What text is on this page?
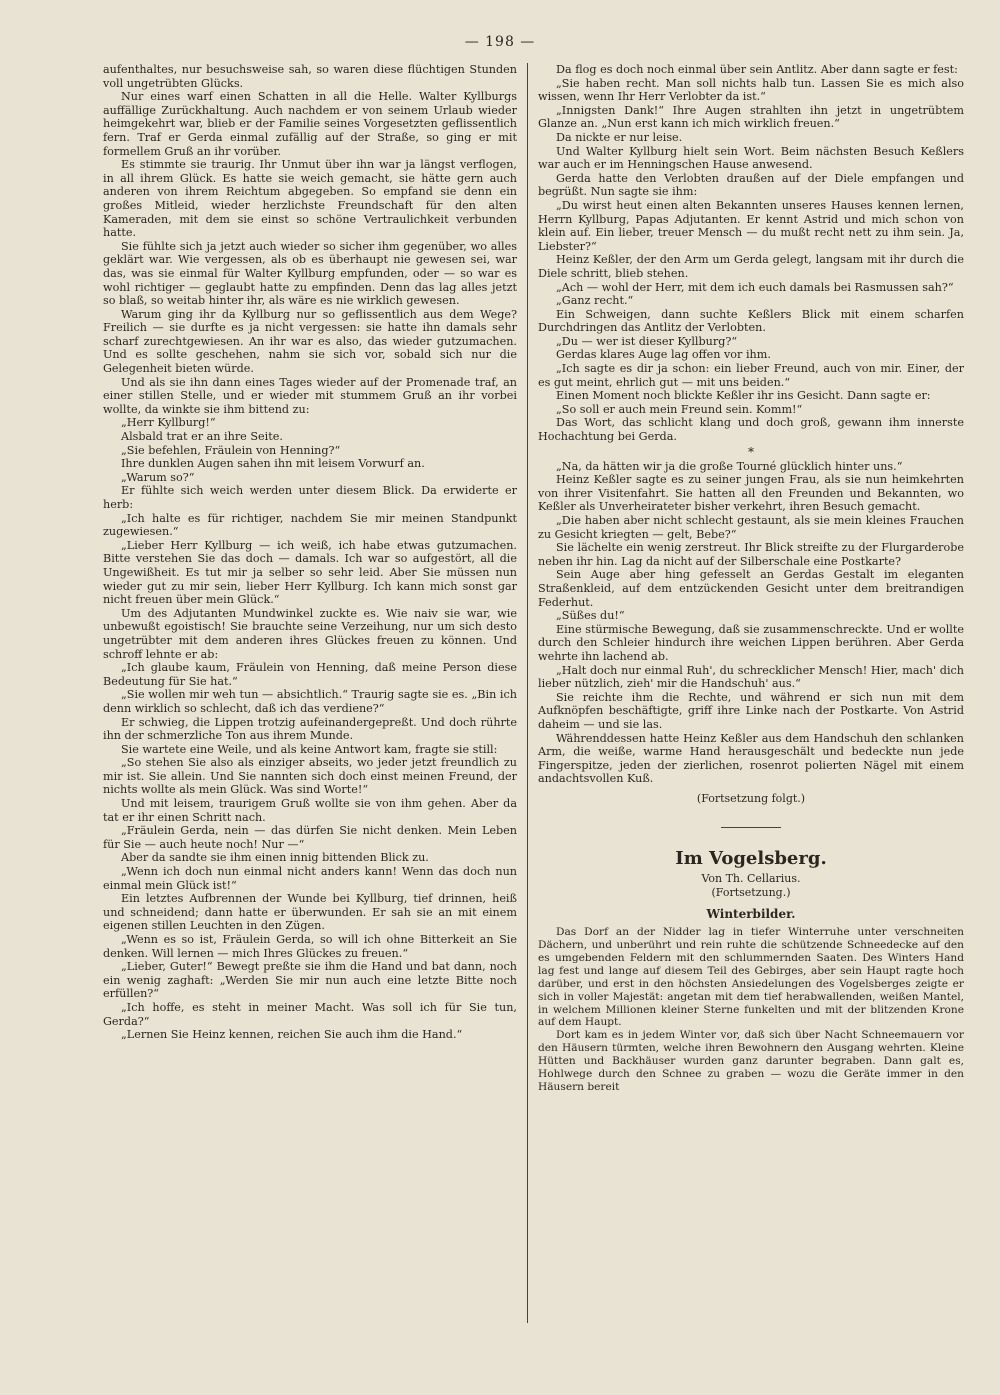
— 198 —

aufenthaltes, nur besuchsweise sah, so waren diese flüchtigen Stunden voll ungetrübten Glücks.

Nur eines warf einen Schatten in all die Helle. Walter Kyllburgs auffällige Zurückhaltung. Auch nachdem er von seinem Urlaub wieder heimgekehrt war, blieb er der Familie seines Vorgesetzten geflissentlich fern. Traf er Gerda einmal zufällig auf der Straße, so ging er mit formellem Gruß an ihr vorüber.

Es stimmte sie traurig. Ihr Unmut über ihn war ja längst verflogen, in all ihrem Glück. Es hatte sie weich gemacht, sie hätte gern auch anderen von ihrem Reichtum abgegeben. So empfand sie denn ein großes Mitleid, wieder herzlichste Freundschaft für den alten Kameraden, mit dem sie einst so schöne Vertraulichkeit verbunden hatte.

Sie fühlte sich ja jetzt auch wieder so sicher ihm gegenüber, wo alles geklärt war. Wie vergessen, als ob es überhaupt nie gewesen sei, war das, was sie einmal für Walter Kyllburg empfunden, oder — so war es wohl richtiger — geglaubt hatte zu empfinden. Denn das lag alles jetzt so blaß, so weitab hinter ihr, als wäre es nie wirklich gewesen.

Warum ging ihr da Kyllburg nur so geflissentlich aus dem Wege? Freilich — sie durfte es ja nicht vergessen: sie hatte ihn damals sehr scharf zurechtgewiesen. An ihr war es also, das wieder gutzumachen. Und es sollte geschehen, nahm sie sich vor, sobald sich nur die Gelegenheit bieten würde.

Und als sie ihn dann eines Tages wieder auf der Promenade traf, an einer stillen Stelle, und er wieder mit stummem Gruß an ihr vorbei wollte, da winkte sie ihm bittend zu:

„Herr Kyllburg!“

Alsbald trat er an ihre Seite.

„Sie befehlen, Fräulein von Henning?“

Ihre dunklen Augen sahen ihn mit leisem Vorwurf an.

„Warum so?“

Er fühlte sich weich werden unter diesem Blick. Da erwiderte er herb:

„Ich halte es für richtiger, nachdem Sie mir meinen Standpunkt zugewiesen.“

„Lieber Herr Kyllburg — ich weiß, ich habe etwas gutzumachen. Bitte verstehen Sie das doch — damals. Ich war so aufgestört, all die Ungewißheit. Es tut mir ja selber so sehr leid. Aber Sie müssen nun wieder gut zu mir sein, lieber Herr Kyllburg. Ich kann mich sonst gar nicht freuen über mein Glück.“

Um des Adjutanten Mundwinkel zuckte es. Wie naiv sie war, wie unbewußt egoistisch! Sie brauchte seine Verzeihung, nur um sich desto ungetrübter mit dem anderen ihres Glückes freuen zu können. Und schroff lehnte er ab:

„Ich glaube kaum, Fräulein von Henning, daß meine Person diese Bedeutung für Sie hat.“

„Sie wollen mir weh tun — absichtlich.“ Traurig sagte sie es. „Bin ich denn wirklich so schlecht, daß ich das verdiene?“

Er schwieg, die Lippen trotzig aufeinandergepreßt. Und doch rührte ihn der schmerzliche Ton aus ihrem Munde.

Sie wartete eine Weile, und als keine Antwort kam, fragte sie still:

„So stehen Sie also als einziger abseits, wo jeder jetzt freundlich zu mir ist. Sie allein. Und Sie nannten sich doch einst meinen Freund, der nichts wollte als mein Glück. Was sind Worte!“

Und mit leisem, traurigem Gruß wollte sie von ihm gehen. Aber da tat er ihr einen Schritt nach.

„Fräulein Gerda, nein — das dürfen Sie nicht denken. Mein Leben für Sie — auch heute noch! Nur —“

Aber da sandte sie ihm einen innig bittenden Blick zu.

„Wenn ich doch nun einmal nicht anders kann! Wenn das doch nun einmal mein Glück ist!“

Ein letztes Aufbrennen der Wunde bei Kyllburg, tief drinnen, heiß und schneidend; dann hatte er überwunden. Er sah sie an mit einem eigenen stillen Leuchten in den Zügen.

„Wenn es so ist, Fräulein Gerda, so will ich ohne Bitterkeit an Sie denken. Will lernen — mich Ihres Glückes zu freuen.“

„Lieber, Guter!“ Bewegt preßte sie ihm die Hand und bat dann, noch ein wenig zaghaft: „Werden Sie mir nun auch eine letzte Bitte noch erfüllen?“

„Ich hoffe, es steht in meiner Macht. Was soll ich für Sie tun, Gerda?“

„Lernen Sie Heinz kennen, reichen Sie auch ihm die Hand.“

Da flog es doch noch einmal über sein Antlitz. Aber dann sagte er fest:

„Sie haben recht. Man soll nichts halb tun. Lassen Sie es mich also wissen, wenn Ihr Herr Verlobter da ist.“

„Innigsten Dank!“ Ihre Augen strahlten ihn jetzt in ungetrübtem Glanze an. „Nun erst kann ich mich wirklich freuen.“

Da nickte er nur leise.

Und Walter Kyllburg hielt sein Wort. Beim nächsten Besuch Keßlers war auch er im Henningschen Hause anwesend.

Gerda hatte den Verlobten draußen auf der Diele empfangen und begrüßt. Nun sagte sie ihm:

„Du wirst heut einen alten Bekannten unseres Hauses kennen lernen, Herrn Kyllburg, Papas Adjutanten. Er kennt Astrid und mich schon von klein auf. Ein lieber, treuer Mensch — du mußt recht nett zu ihm sein. Ja, Liebster?“

Heinz Keßler, der den Arm um Gerda gelegt, langsam mit ihr durch die Diele schritt, blieb stehen.

„Ach — wohl der Herr, mit dem ich euch damals bei Rasmussen sah?“

„Ganz recht.“

Ein Schweigen, dann suchte Keßlers Blick mit einem scharfen Durchdringen das Antlitz der Verlobten.

„Du — wer ist dieser Kyllburg?“

Gerdas klares Auge lag offen vor ihm.

„Ich sagte es dir ja schon: ein lieber Freund, auch von mir. Einer, der es gut meint, ehrlich gut — mit uns beiden.“

Einen Moment noch blickte Keßler ihr ins Gesicht. Dann sagte er:

„So soll er auch mein Freund sein. Komm!“

Das Wort, das schlicht klang und doch groß, gewann ihm innerste Hochachtung bei Gerda.

*

„Na, da hätten wir ja die große Tourné glücklich hinter uns.“

Heinz Keßler sagte es zu seiner jungen Frau, als sie nun heimkehrten von ihrer Visitenfahrt. Sie hatten all den Freunden und Bekannten, wo Keßler als Unverheirateter bisher verkehrt, ihren Besuch gemacht.

„Die haben aber nicht schlecht gestaunt, als sie mein kleines Frauchen zu Gesicht kriegten — gelt, Bebe?“

Sie lächelte ein wenig zerstreut. Ihr Blick streifte zu der Flurgarderobe neben ihr hin. Lag da nicht auf der Silberschale eine Postkarte?

Sein Auge aber hing gefesselt an Gerdas Gestalt im eleganten Straßenkleid, auf dem entzückenden Gesicht unter dem breitrandigen Federhut.

„Süßes du!“

Eine stürmische Bewegung, daß sie zusammenschreckte. Und er wollte durch den Schleier hindurch ihre weichen Lippen berühren. Aber Gerda wehrte ihn lachend ab.

„Halt doch nur einmal Ruh', du schrecklicher Mensch! Hier, mach' dich lieber nützlich, zieh' mir die Handschuh' aus.“

Sie reichte ihm die Rechte, und während er sich nun mit dem Aufknöpfen beschäftigte, griff ihre Linke nach der Postkarte. Von Astrid daheim — und sie las.

Währenddessen hatte Heinz Keßler aus dem Handschuh den schlanken Arm, die weiße, warme Hand herausgeschält und bedeckte nun jede Fingerspitze, jeden der zierlichen, rosenrot polierten Nägel mit einem andachtsvollen Kuß.

(Fortsetzung folgt.)
Im Vogelsberg.
Von Th. Cellarius.
(Fortsetzung.)
Winterbilder.

Das Dorf an der Nidder lag in tiefer Winterruhe unter verschneiten Dächern, und unberührt und rein ruhte die schützende Schneedecke auf den es umgebenden Feldern mit den schlummernden Saaten. Des Winters Hand lag fest und lange auf diesem Teil des Gebirges, aber sein Haupt ragte hoch darüber, und erst in den höchsten Ansiedelungen des Vogelsberges zeigte er sich in voller Majestät: angetan mit dem tief herabwallenden, weißen Mantel, in welchem Millionen kleiner Sterne funkelten und mit der blitzenden Krone auf dem Haupt.

Dort kam es in jedem Winter vor, daß sich über Nacht Schneemauern vor den Häusern türmten, welche ihren Bewohnern den Ausgang wehrten. Kleine Hütten und Backhäuser wurden ganz darunter begraben. Dann galt es, Hohlwege durch den Schnee zu graben — wozu die Geräte immer in den Häusern bereit
